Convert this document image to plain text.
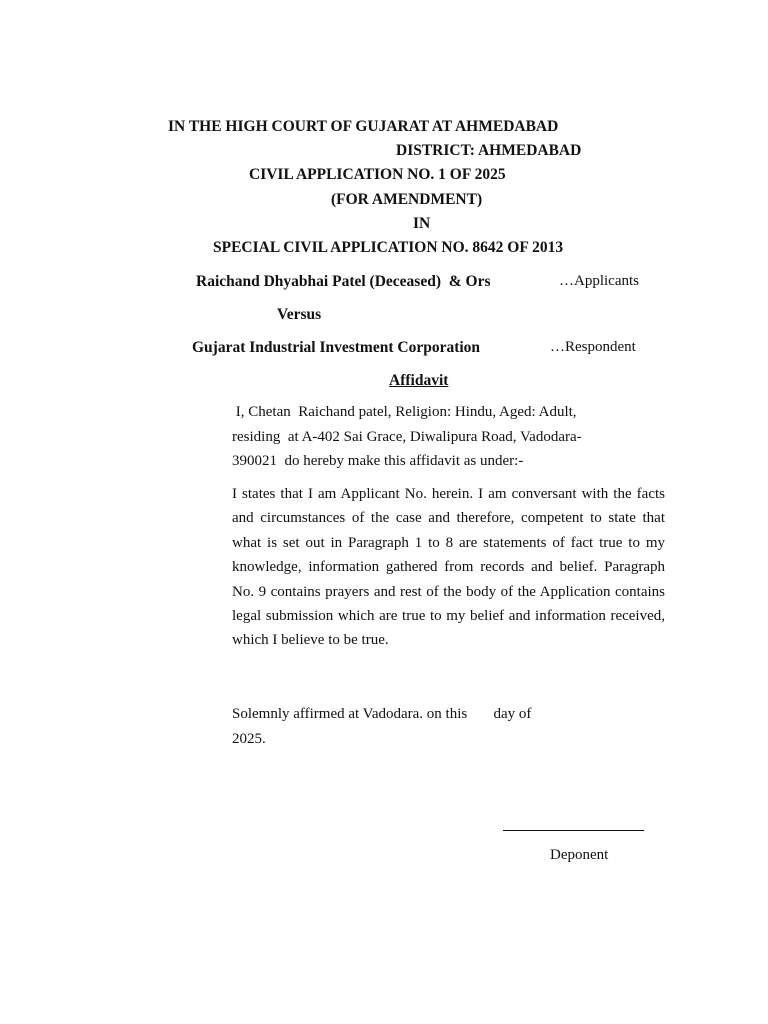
IN THE HIGH COURT OF GUJARAT AT AHMEDABAD
DISTRICT: AHMEDABAD
CIVIL APPLICATION NO. 1 OF 2025
(FOR AMENDMENT)
IN
SPECIAL CIVIL APPLICATION NO. 8642 OF 2013
Raichand Dhyabhai Patel (Deceased)  & Ors	…Applicants
Versus
Gujarat Industrial Investment Corporation	…Respondent
Affidavit
I, Chetan  Raichand patel, Religion: Hindu, Aged: Adult,
residing  at A-402 Sai Grace, Diwalipura Road, Vadodara-
390021  do hereby make this affidavit as under:-
I states that I am Applicant No. herein. I am conversant with the facts and circumstances of the case and therefore, competent to state that what is set out in Paragraph 1 to 8 are statements of fact true to my knowledge, information gathered from records and belief. Paragraph No. 9 contains prayers and rest of the body of the Application contains legal submission which are true to my belief and information received, which I believe to be true.
Solemnly affirmed at Vadodara. on this       day of
2025.
Deponent
